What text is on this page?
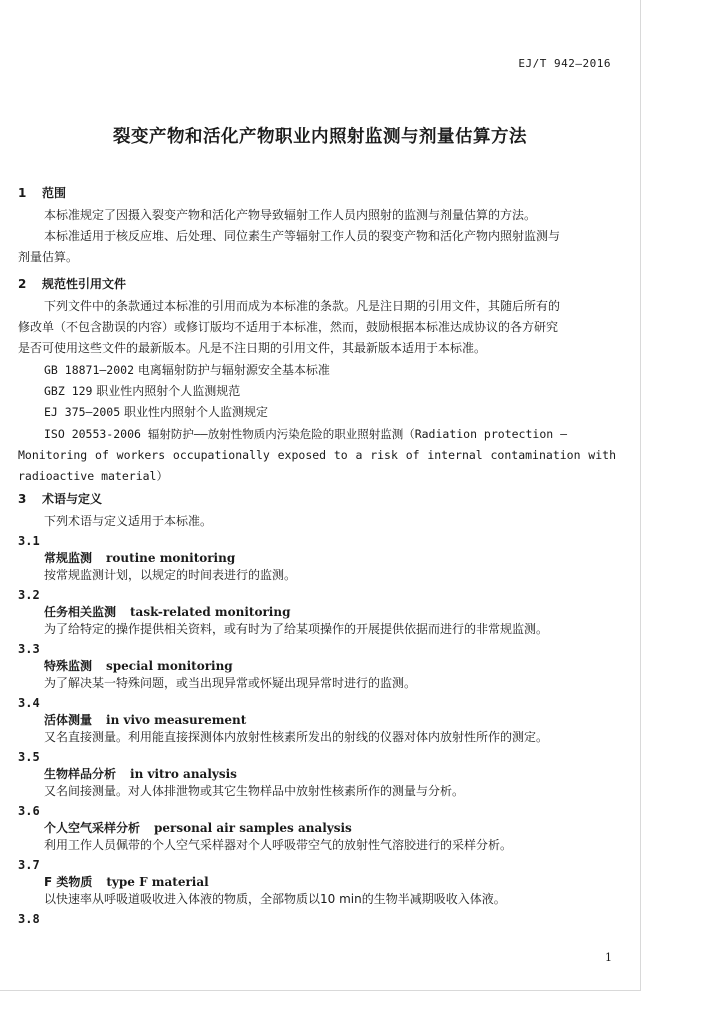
EJ/T 942—2016
裂变产物和活化产物职业内照射监测与剂量估算方法
1 范围
本标准规定了因摄入裂变产物和活化产物导致辐射工作人员内照射的监测与剂量估算的方法。
本标准适用于核反应堆、后处理、同位素生产等辐射工作人员的裂变产物和活化产物内照射监测与
剂量估算。
2 规范性引用文件
下列文件中的条款通过本标准的引用而成为本标准的条款。凡是注日期的引用文件，其随后所有的
修改单（不包含勘误的内容）或修订版均不适用于本标准，然而，鼓励根据本标准达成协议的各方研究
是否可使用这些文件的最新版本。凡是不注日期的引用文件，其最新版本适用于本标准。
GB 18871—2002 电离辐射防护与辐射源安全基本标准
GBZ 129 职业性内照射个人监测规范
EJ 375—2005 职业性内照射个人监测规定
ISO 20553-2006 辐射防护——放射性物质内污染危险的职业照射监测（Radiation protection —
Monitoring of workers occupationally exposed to a risk of internal contamination with
radioactive material）
3 术语与定义
下列术语与定义适用于本标准。
3.1
常规监测 routine monitoring
按常规监测计划，以规定的时间表进行的监测。
3.2
任务相关监测 task-related monitoring
为了给特定的操作提供相关资料，或有时为了给某项操作的开展提供依据而进行的非常规监测。
3.3
特殊监测 special monitoring
为了解决某一特殊问题，或当出现异常或怀疑出现异常时进行的监测。
3.4
活体测量 in vivo measurement
又名直接测量。利用能直接探测体内放射性核素所发出的射线的仪器对体内放射性所作的测定。
3.5
生物样品分析 in vitro analysis
又名间接测量。对人体排泄物或其它生物样品中放射性核素所作的测量与分析。
3.6
个人空气采样分析 personal air samples analysis
利用工作人员佩带的个人空气采样器对个人呼吸带空气的放射性气溶胶进行的采样分析。
3.7
F 类物质 type F material
以快速率从呼吸道吸收进入体液的物质，全部物质以10 min的生物半减期吸收入体液。
3.8
1
